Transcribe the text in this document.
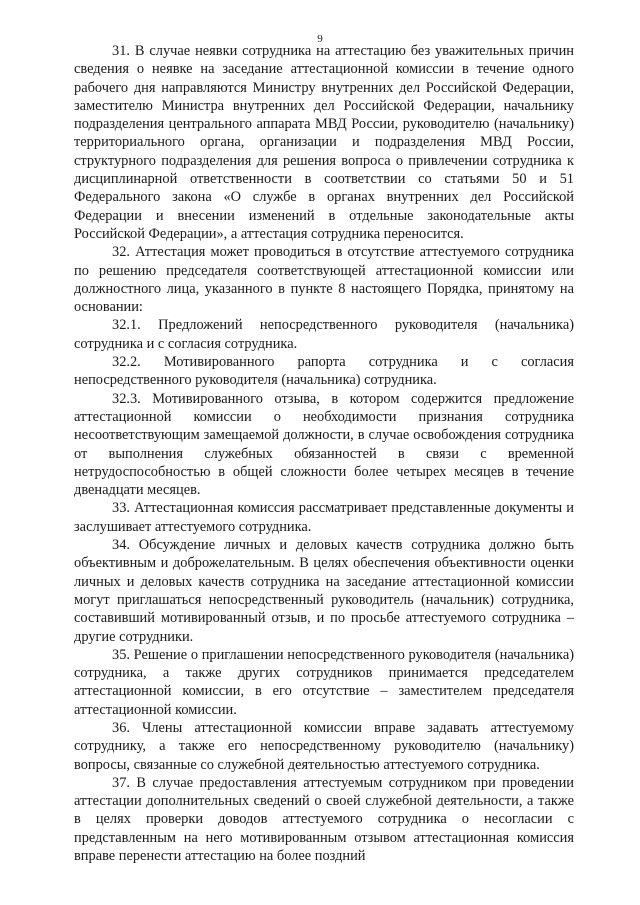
9

31. В случае неявки сотрудника на аттестацию без уважительных причин сведения о неявке на заседание аттестационной комиссии в течение одного рабочего дня направляются Министру внутренних дел Российской Федерации, заместителю Министра внутренних дел Российской Федерации, начальнику подразделения центрального аппарата МВД России, руководителю (начальнику) территориального органа, организации и подразделения МВД России, структурного подразделения для решения вопроса о привлечении сотрудника к дисциплинарной ответственности в соответствии со статьями 50 и 51 Федерального закона «О службе в органах внутренних дел Российской Федерации и внесении изменений в отдельные законодательные акты Российской Федерации», а аттестация сотрудника переносится.

32. Аттестация может проводиться в отсутствие аттестуемого сотрудника по решению председателя соответствующей аттестационной комиссии или должностного лица, указанного в пункте 8 настоящего Порядка, принятому на основании:

32.1. Предложений непосредственного руководителя (начальника) сотрудника и с согласия сотрудника.

32.2. Мотивированного рапорта сотрудника и с согласия непосредственного руководителя (начальника) сотрудника.

32.3. Мотивированного отзыва, в котором содержится предложение аттестационной комиссии о необходимости признания сотрудника несоответствующим замещаемой должности, в случае освобождения сотрудника от выполнения служебных обязанностей в связи с временной нетрудоспособностью в общей сложности более четырех месяцев в течение двенадцати месяцев.

33. Аттестационная комиссия рассматривает представленные документы и заслушивает аттестуемого сотрудника.

34. Обсуждение личных и деловых качеств сотрудника должно быть объективным и доброжелательным. В целях обеспечения объективности оценки личных и деловых качеств сотрудника на заседание аттестационной комиссии могут приглашаться непосредственный руководитель (начальник) сотрудника, составивший мотивированный отзыв, и по просьбе аттестуемого сотрудника – другие сотрудники.

35. Решение о приглашении непосредственного руководителя (начальника) сотрудника, а также других сотрудников принимается председателем аттестационной комиссии, в его отсутствие – заместителем председателя аттестационной комиссии.

36. Члены аттестационной комиссии вправе задавать аттестуемому сотруднику, а также его непосредственному руководителю (начальнику) вопросы, связанные со служебной деятельностью аттестуемого сотрудника.

37. В случае предоставления аттестуемым сотрудником при проведении аттестации дополнительных сведений о своей служебной деятельности, а также в целях проверки доводов аттестуемого сотрудника о несогласии с представленным на него мотивированным отзывом аттестационная комиссия вправе перенести аттестацию на более поздний
